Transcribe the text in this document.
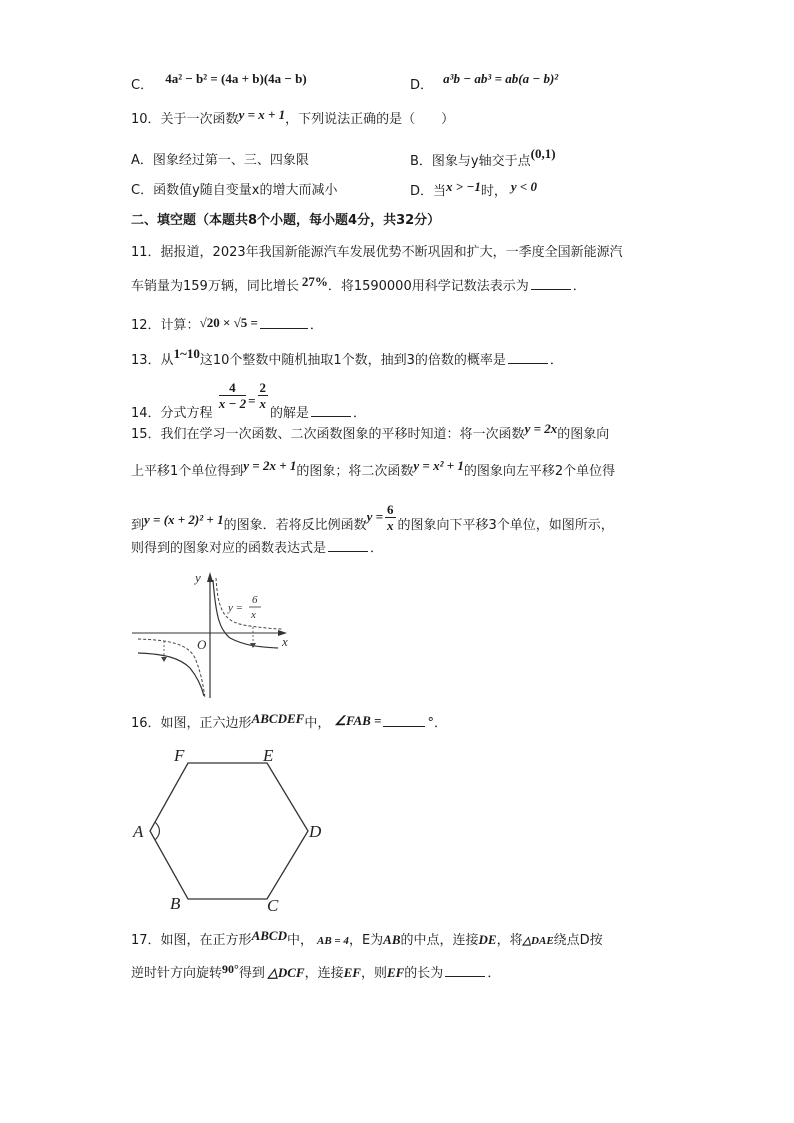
C． 4a² − b² = (4a + b)(4a − b)	D． a³b − ab³ = ab(a − b)²
10．关于一次函数y = x + 1，下列说法正确的是（　　）
A．图象经过第一、三、四象限	B．图象与y轴交于点(0,1)
C．函数值y随自变量x的增大而减小	D．当x > −1时， y < 0
二、填空题（本题共8个小题，每小题4分，共32分）
11．据报道，2023年我国新能源汽车发展优势不断巩固和扩大，一季度全国新能源汽
车销量为159万辆，同比增长 27%．将1590000用科学记数法表示为	．
12．计算：√20 × √5 =	．
13．从1~10这10个整数中随机抽取1个数，抽到3的倍数的概率是	．
14．分式方程
$\frac{4}{x - 2} = \frac{2}{x}$
的解是	．
15．我们在学习一次函数、二次函数图象的平移时知道：将一次函数y = 2x的图象向
上平移1个单位得到y = 2x + 1的图象；将二次函数y = x² + 1的图象向左平移2个单位得
到y = (x + 2)² + 1的图象．若将反比例函数$y = \frac{6}{x}$ 的图象向下平移3个单位，如图所示，
则得到的图象对应的函数表达式是	．
y
x
O
y =
6
x
16．如图，正六边形ABCDEF中， ∠FAB =	°．
F	E
A	D
B	C
17．如图，在正方形ABCD中， AB = 4，E为AB的中点，连接DE，将△DAE绕点D按
逆时针方向旋转90°得到 △DCF，连接EF，则EF的长为	．
